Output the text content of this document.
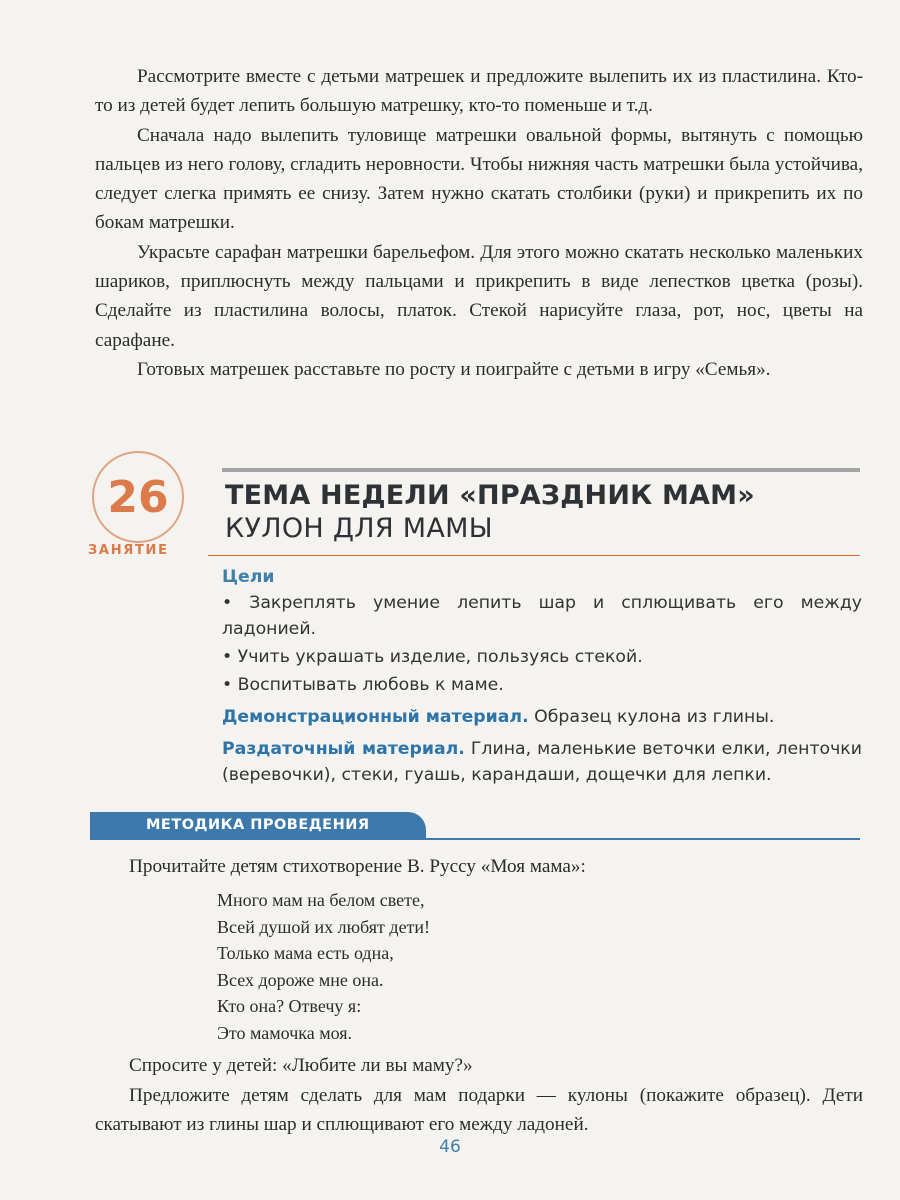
Рассмотрите вместе с детьми матрешек и предложите вылепить их из пластилина. Кто-то из детей будет лепить большую матрешку, кто-то поменьше и т.д.

Сначала надо вылепить туловище матрешки овальной формы, вытянуть с помощью пальцев из него голову, сгладить неровности. Чтобы нижняя часть матрешки была устойчива, следует слегка примять ее снизу. Затем нужно скатать столбики (руки) и прикрепить их по бокам матрешки.

Украсьте сарафан матрешки барельефом. Для этого можно скатать несколько маленьких шариков, приплюснуть между пальцами и прикрепить в виде лепестков цветка (розы). Сделайте из пластилина волосы, платок. Стекой нарисуйте глаза, рот, нос, цветы на сарафане.

Готовых матрешек расставьте по росту и поиграйте с детьми в игру «Семья».

26
ЗАНЯТИЕ
ТЕМА НЕДЕЛИ «ПРАЗДНИК МАМ»
КУЛОН ДЛЯ МАМЫ
Цели
• Закреплять умение лепить шар и сплющивать его между ладонией.
• Учить украшать изделие, пользуясь стекой.
• Воспитывать любовь к маме.
Демонстрационный материал. Образец кулона из глины.
Раздаточный материал. Глина, маленькие веточки елки, ленточки (веревочки), стеки, гуашь, карандаши, дощечки для лепки.
МЕТОДИКА ПРОВЕДЕНИЯ

Прочитайте детям стихотворение В. Руссу «Моя мама»:

Много мам на белом свете,
Всей душой их любят дети!
Только мама есть одна,
Всех дороже мне она.
Кто она? Отвечу я:
Это мамочка моя.

Спросите у детей: «Любите ли вы маму?»

Предложите детям сделать для мам подарки — кулоны (покажите образец). Дети скатывают из глины шар и сплющивают его между ладоней.

46
